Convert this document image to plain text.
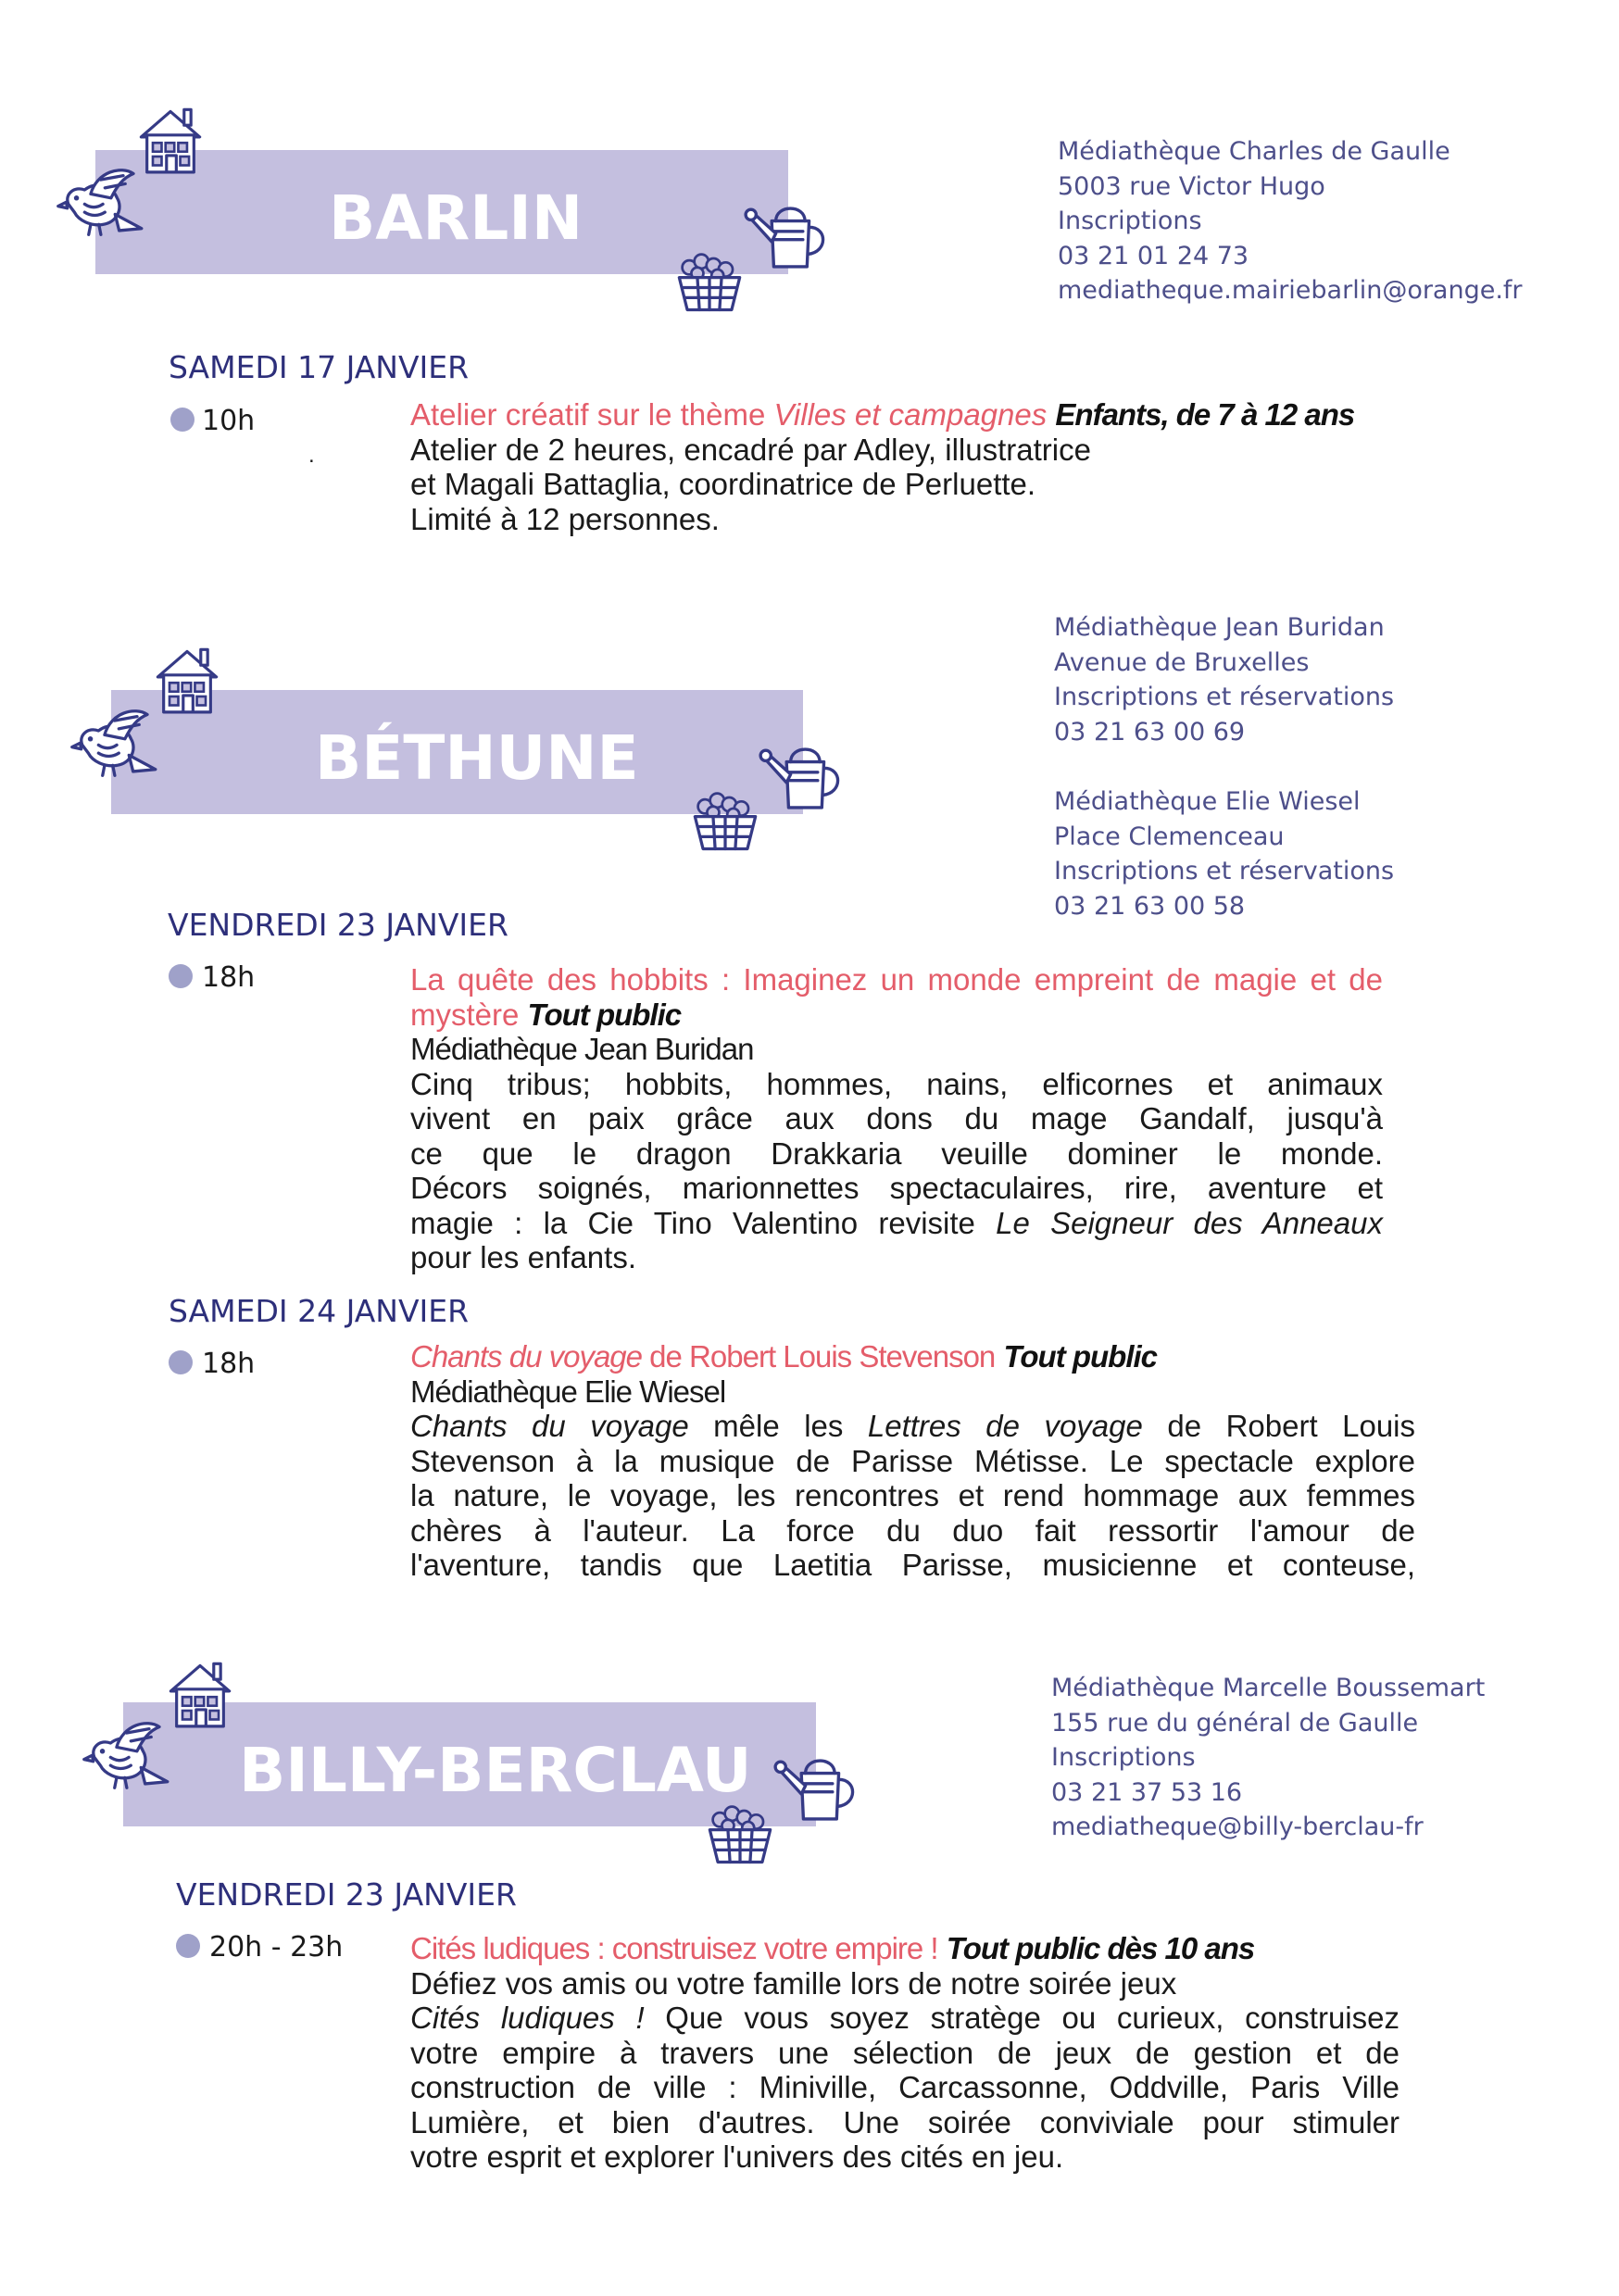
BARLIN
Médiathèque Charles de Gaulle
5003 rue Victor Hugo
Inscriptions
03 21 01 24 73
mediatheque.mairiebarlin@orange.fr
SAMEDI 17 JANVIER
10h
.
Atelier créatif sur le thème Villes et campagnes Enfants, de 7 à 12 ans
Atelier de 2 heures, encadré par Adley, illustratrice
et Magali Battaglia, coordinatrice de Perluette.
Limité à 12 personnes.
BÉTHUNE
Médiathèque Jean Buridan
Avenue de Bruxelles
Inscriptions et réservations
03 21 63 00 69
Médiathèque Elie Wiesel
Place Clemenceau
Inscriptions et réservations
03 21 63 00 58
VENDREDI 23 JANVIER
18h	La quête des hobbits : Imaginez un monde empreint de magie et de
mystère Tout public
Médiathèque Jean Buridan
Cinq tribus; hobbits, hommes, nains, elficornes et animaux
vivent en paix grâce aux dons du mage Gandalf, jusqu'à
ce que le dragon Drakkaria veuille dominer le monde.
Décors soignés, marionnettes spectaculaires, rire, aventure et
magie : la Cie Tino Valentino revisite Le Seigneur des Anneaux
pour les enfants.
SAMEDI 24 JANVIER
18h	Chants du voyage de Robert Louis Stevenson Tout public
Médiathèque Elie Wiesel
Chants du voyage mêle les Lettres de voyage de Robert Louis
Stevenson à la musique de Parisse Métisse. Le spectacle explore
la nature, le voyage, les rencontres et rend hommage aux femmes
chères à l'auteur. La force du duo fait ressortir l'amour de
l'aventure, tandis que Laetitia Parisse, musicienne et conteuse,
BILLY-BERCLAU
Médiathèque Marcelle Boussemart
155 rue du général de Gaulle
Inscriptions
03 21 37 53 16
mediatheque@billy-berclau-fr
VENDREDI 23 JANVIER
20h - 23h Cités ludiques : construisez votre empire ! Tout public dès 10 ans
Défiez vos amis ou votre famille lors de notre soirée jeux
Cités ludiques ! Que vous soyez stratège ou curieux, construisez
votre empire à travers une sélection de jeux de gestion et de
construction de ville : Miniville, Carcassonne, Oddville, Paris Ville
Lumière, et bien d'autres. Une soirée conviviale pour stimuler
votre esprit et explorer l'univers des cités en jeu.
